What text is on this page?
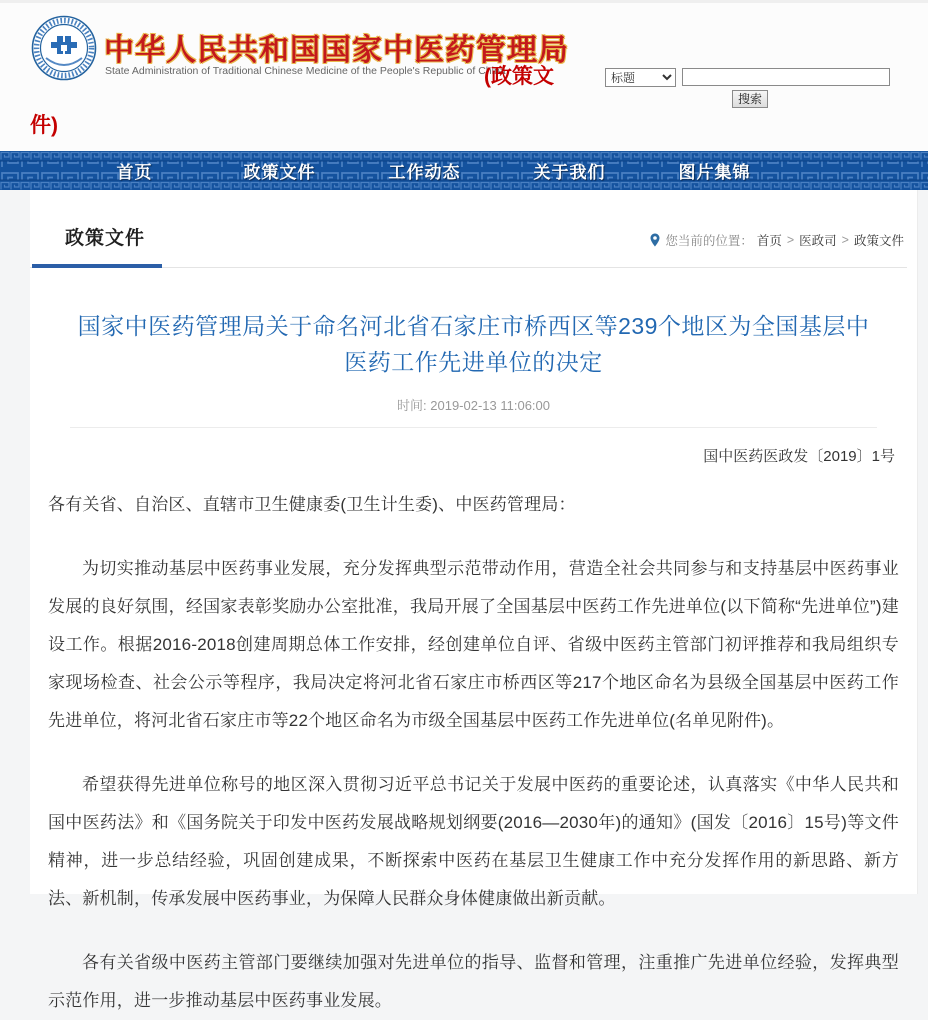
中华人民共和国国家中医药管理局
State Administration of Traditional Chinese Medicine of the People's Republic of China
(政策文
件)
标题
搜索
首页	政策文件	工作动态	关于我们	图片集锦
政策文件	您当前的位置： 首页 > 医政司 > 政策文件
国家中医药管理局关于命名河北省石家庄市桥西区等239个地区为全国基层中医药工作先进单位的决定
时间: 2019-02-13 11:06:00
国中医药医政发〔2019〕1号

各有关省、自治区、直辖市卫生健康委(卫生计生委)、中医药管理局：

为切实推动基层中医药事业发展，充分发挥典型示范带动作用，营造全社会共同参与和支持基层中医药事业发展的良好氛围，经国家表彰奖励办公室批准，我局开展了全国基层中医药工作先进单位(以下简称“先进单位”)建设工作。根据2016-2018创建周期总体工作安排，经创建单位自评、省级中医药主管部门初评推荐和我局组织专家现场检查、社会公示等程序，我局决定将河北省石家庄市桥西区等217个地区命名为县级全国基层中医药工作先进单位，将河北省石家庄市等22个地区命名为市级全国基层中医药工作先进单位(名单见附件)。

希望获得先进单位称号的地区深入贯彻习近平总书记关于发展中医药的重要论述，认真落实《中华人民共和国中医药法》和《国务院关于印发中医药发展战略规划纲要(2016—2030年)的通知》(国发〔2016〕15号)等文件精神，进一步总结经验，巩固创建成果，不断探索中医药在基层卫生健康工作中充分发挥作用的新思路、新方法、新机制，传承发展中医药事业，为保障人民群众身体健康做出新贡献。

各有关省级中医药主管部门要继续加强对先进单位的指导、监督和管理，注重推广先进单位经验，发挥典型示范作用，进一步推动基层中医药事业发展。
